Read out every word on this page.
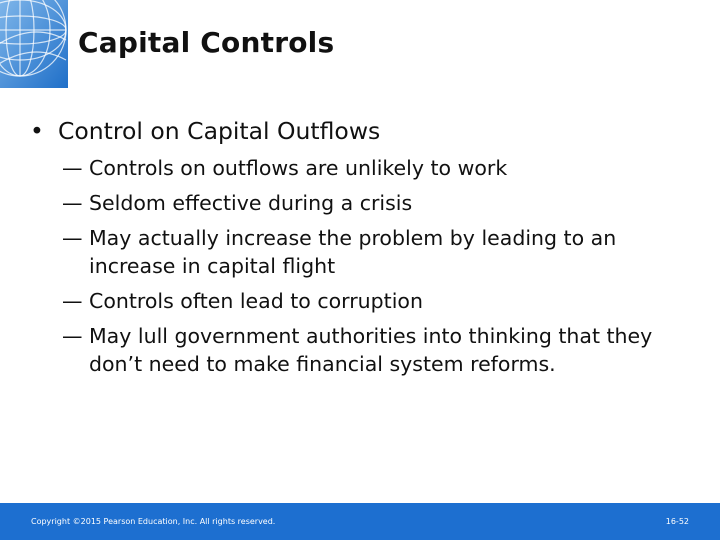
Capital Controls
• Control on Capital Outflows
— Controls on outflows are unlikely to work
— Seldom effective during a crisis
— May actually increase the problem by leading to an increase in capital flight
— Controls often lead to corruption
— May lull government authorities into thinking that they don’t need to make financial system reforms.
Copyright ©2015 Pearson Education, Inc. All rights reserved.	16-52
